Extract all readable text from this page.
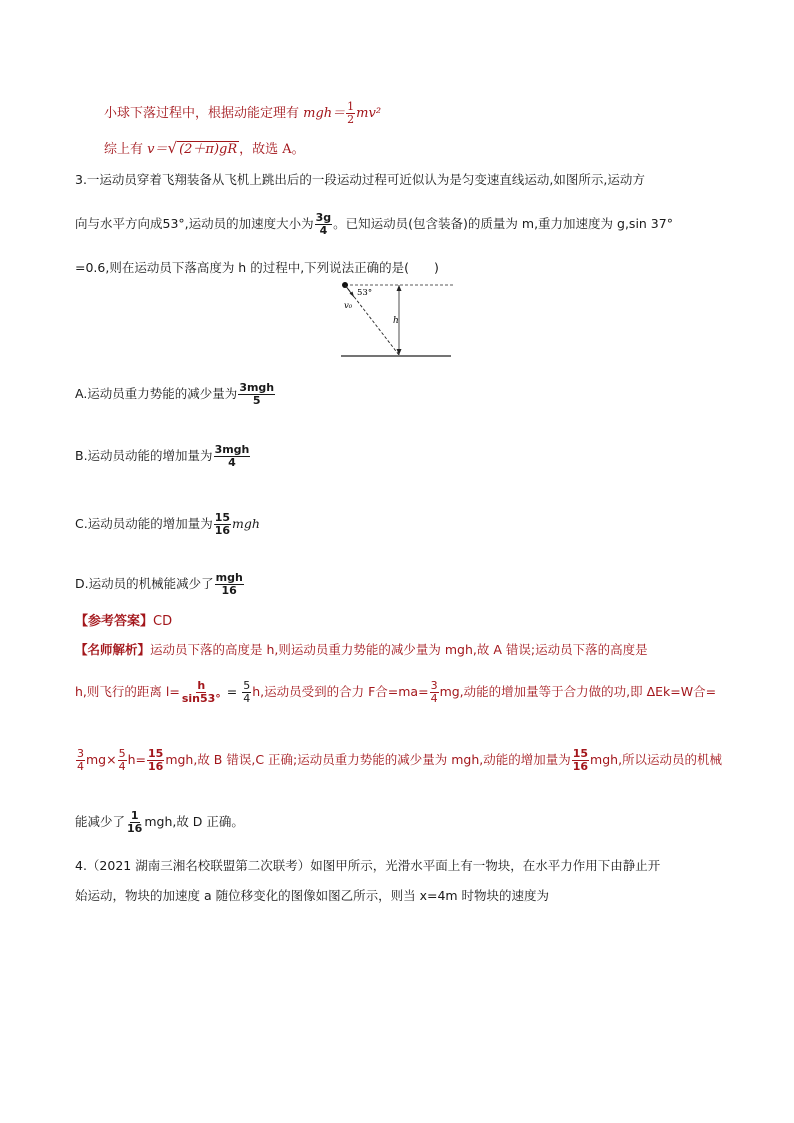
小球下落过程中，根据动能定理有 $mgh= \frac{1}{2} mv^2$
综上有 v＝√ (2＋π)gR ，故选 A。
3.一运动员穿着飞翔装备从飞机上跳出后的一段运动过程可近似认为是匀变速直线运动,如图所示,运动方
向与水平方向成53°,运动员的加速度大小为 $\frac{3g}{4}$ 。已知运动员(包含装备)的质量为 m,重力加速度为 g,sin 37°
=0.6,则在运动员下落高度为 h 的过程中,下列说法正确的是(　　)
53°
v₀
h
A.运动员重力势能的减少量为 $\frac{\text{3mgh}}{5}$
B.运动员动能的增加量为 $\frac{\text{3mgh}}{4}$
C.运动员动能的增加量为 $\frac{15}{16}$ mgh
D.运动员的机械能减少了 $\frac{\text{mgh}}{16}$
【参考答案】CD
【名师解析】运动员下落的高度是 h,则运动员重力势能的减少量为 mgh,故 A 错误;运动员下落的高度是
h,则飞行的距离 $l= \frac{h}{\sin 53^\circ} = \frac{5}{4} h$,运动员受到的合力 F合$=ma= \frac{3}{4}$ mg,动能的增加量等于合力做的功,即 ΔEk=W合=
$\frac{3}{4} mg\times \frac{5}{4} h= \frac{15}{16}$ mgh,故 B 错误,C 正确;运动员重力势能的减少量为 mgh,动能的增加量为 $\frac{15}{16}$ mgh,所以运动员的机械
能减少了 $\frac{1}{16}$ mgh,故 D 正确。
4.（2021 湖南三湘名校联盟第二次联考）如图甲所示，光滑水平面上有一物块，在水平力作用下由静止开
始运动，物块的加速度 a 随位移变化的图像如图乙所示，则当 x=4m 时物块的速度为
